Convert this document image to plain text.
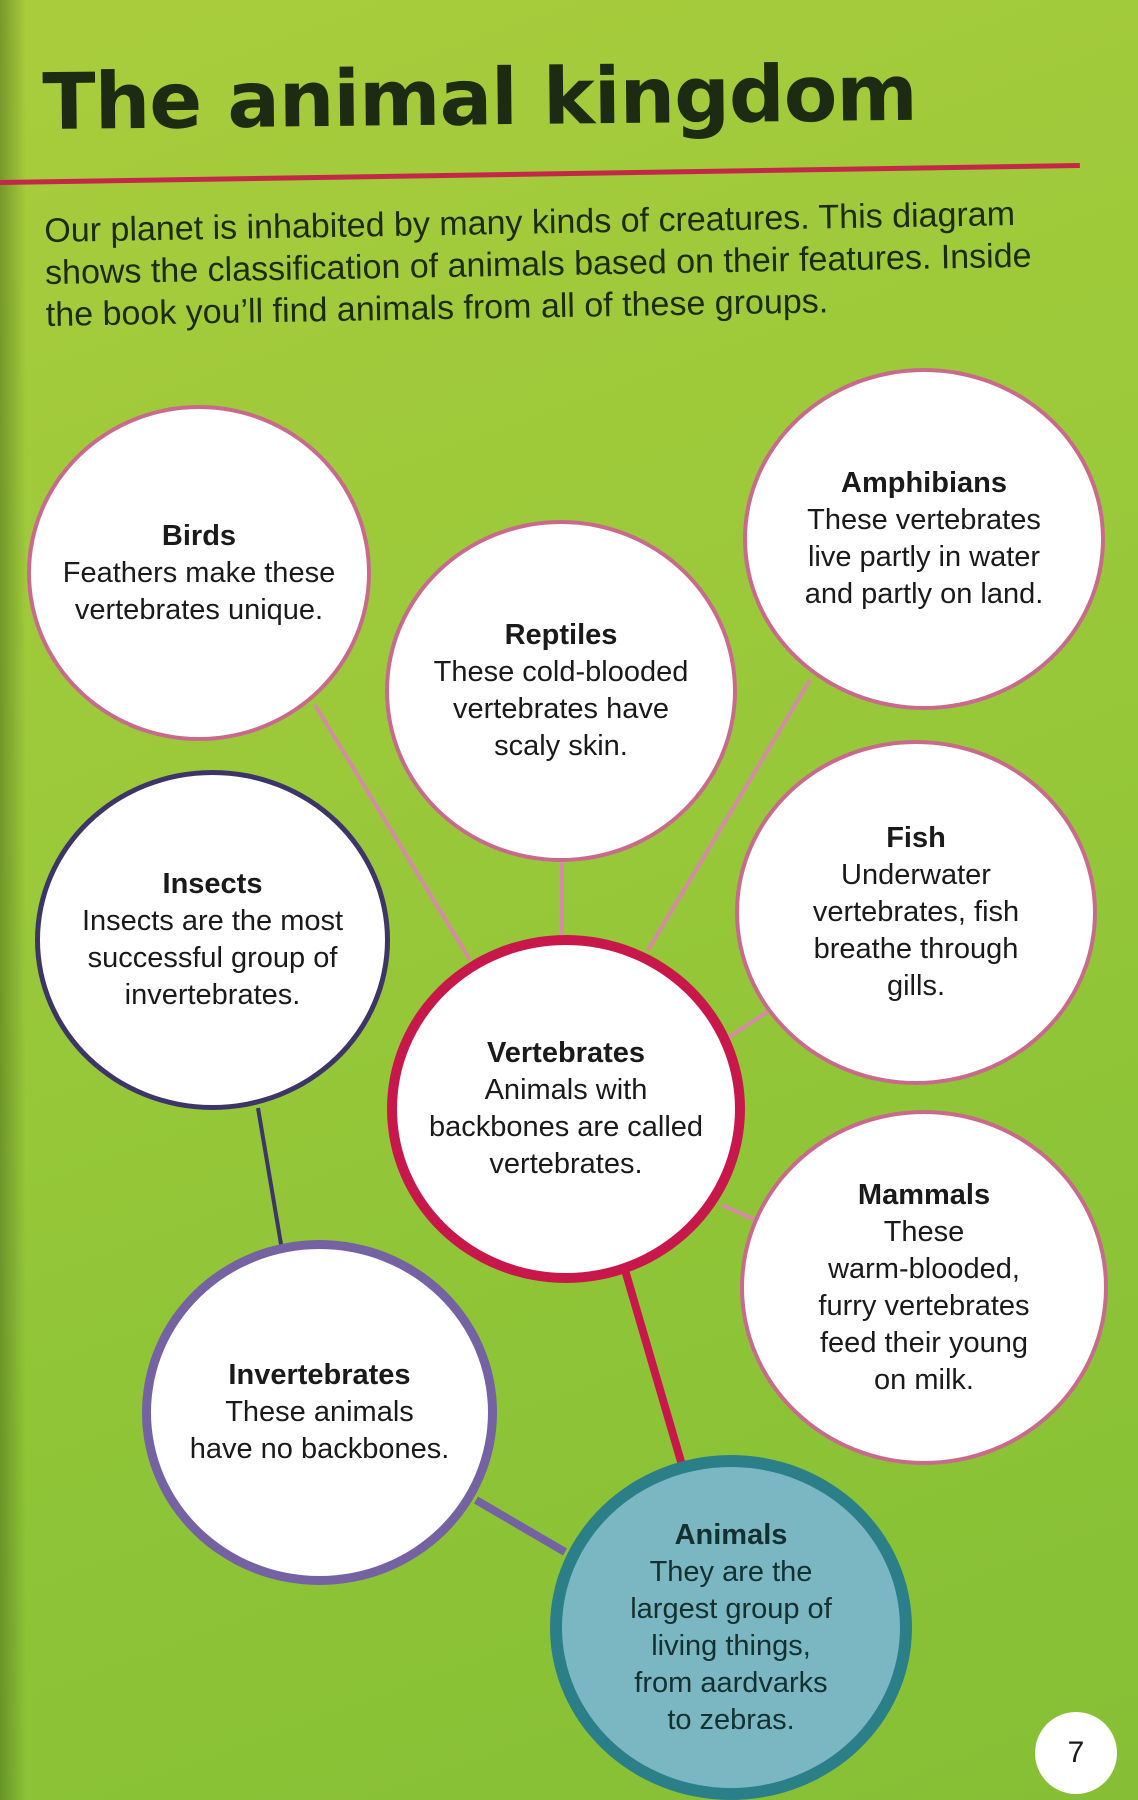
The animal kingdom

Our planet is inhabited by many kinds of creatures. This diagram shows the classification of animals based on their features. Inside the book you’ll find animals from all of these groups.

Birds
Feathers make these
vertebrates unique.
Reptiles
These cold-blooded
vertebrates have
scaly skin.
Amphibians
These vertebrates
live partly in water
and partly on land.
Insects
Insects are the most
successful group of
invertebrates.
Fish
Underwater
vertebrates, fish
breathe through
gills.
Vertebrates
Animals with
backbones are called
vertebrates.
Mammals
These
warm-blooded,
furry vertebrates
feed their young
on milk.
Invertebrates
These animals
have no backbones.
Animals
They are the
largest group of
living things,
from aardvarks
to zebras.
7
